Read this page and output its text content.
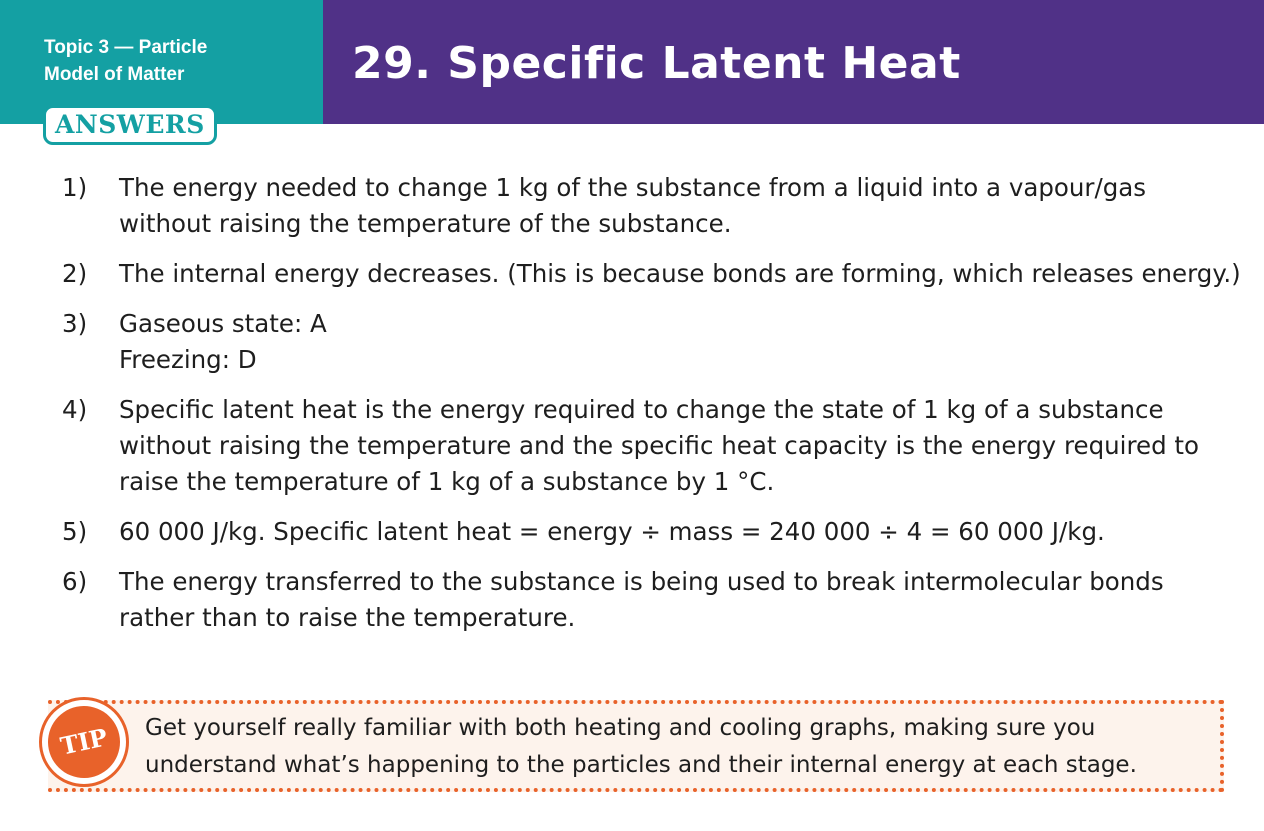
Topic 3 — Particle
Model of Matter	29. Specific Latent Heat
ANSWERS
1) The energy needed to change 1 kg of the substance from a liquid into a vapour/gas
without raising the temperature of the substance.
2) The internal energy decreases. (This is because bonds are forming, which releases energy.)
3) Gaseous state: A
Freezing: D
4) Specific latent heat is the energy required to change the state of 1 kg of a substance
without raising the temperature and the specific heat capacity is the energy required to
raise the temperature of 1 kg of a substance by 1 °C.
5) 60 000 J/kg. Specific latent heat = energy ÷ mass = 240 000 ÷ 4 = 60 000 J/kg.
6) The energy transferred to the substance is being used to break intermolecular bonds
rather than to raise the temperature.
TIP	Get yourself really familiar with both heating and cooling graphs, making sure you
understand what’s happening to the particles and their internal energy at each stage.
